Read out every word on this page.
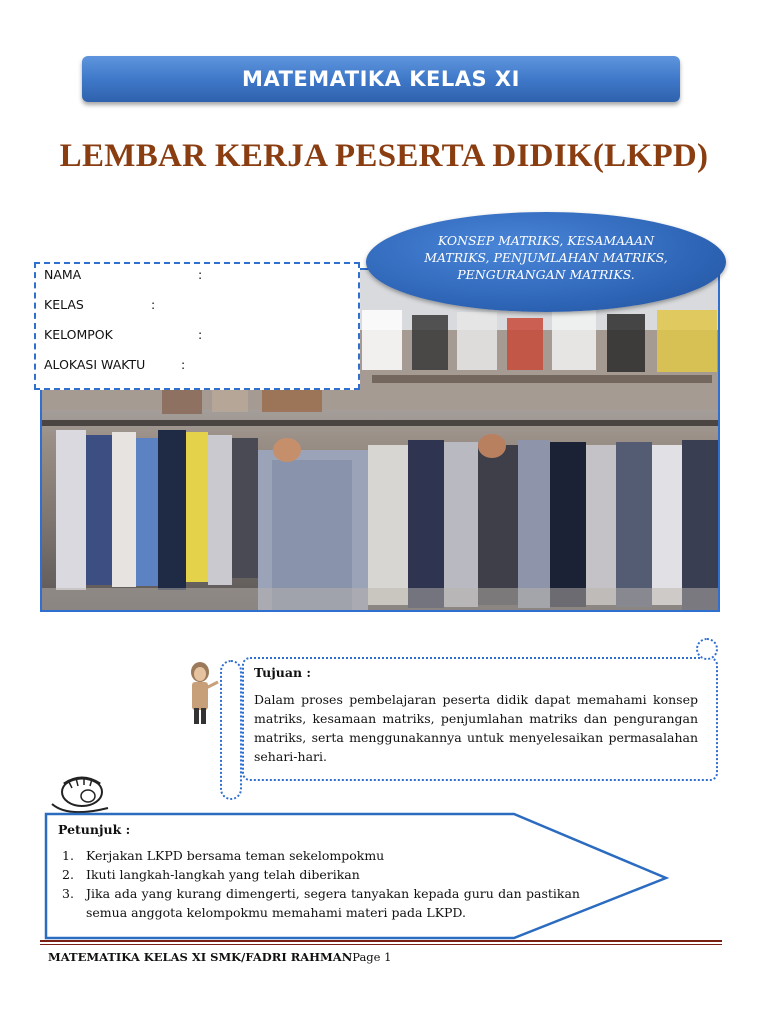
MATEMATIKA KELAS XI
LEMBAR KERJA PESERTA DIDIK(LKPD)

KONSEP MATRIKS, KESAMAAAN MATRIKS, PENJUMLAHAN MATRIKS, PENGURANGAN MATRIKS.

NAMA	:
KELAS	:
KELOMPOK	:
ALOKASI WAKTU	:
Tujuan :
Dalam proses pembelajaran peserta didik dapat memahami konsep matriks, kesamaan matriks, penjumlahan matriks dan pengurangan matriks, serta menggunakannya untuk menyelesaikan permasalahan sehari-hari.
Petunjuk :
1. Kerjakan LKPD bersama teman sekelompokmu
2. Ikuti langkah-langkah yang telah diberikan
3. Jika ada yang kurang dimengerti, segera tanyakan kepada guru dan pastikan semua anggota kelompokmu memahami materi pada LKPD.
MATEMATIKA KELAS XI SMK/FADRI RAHMANPage 1
